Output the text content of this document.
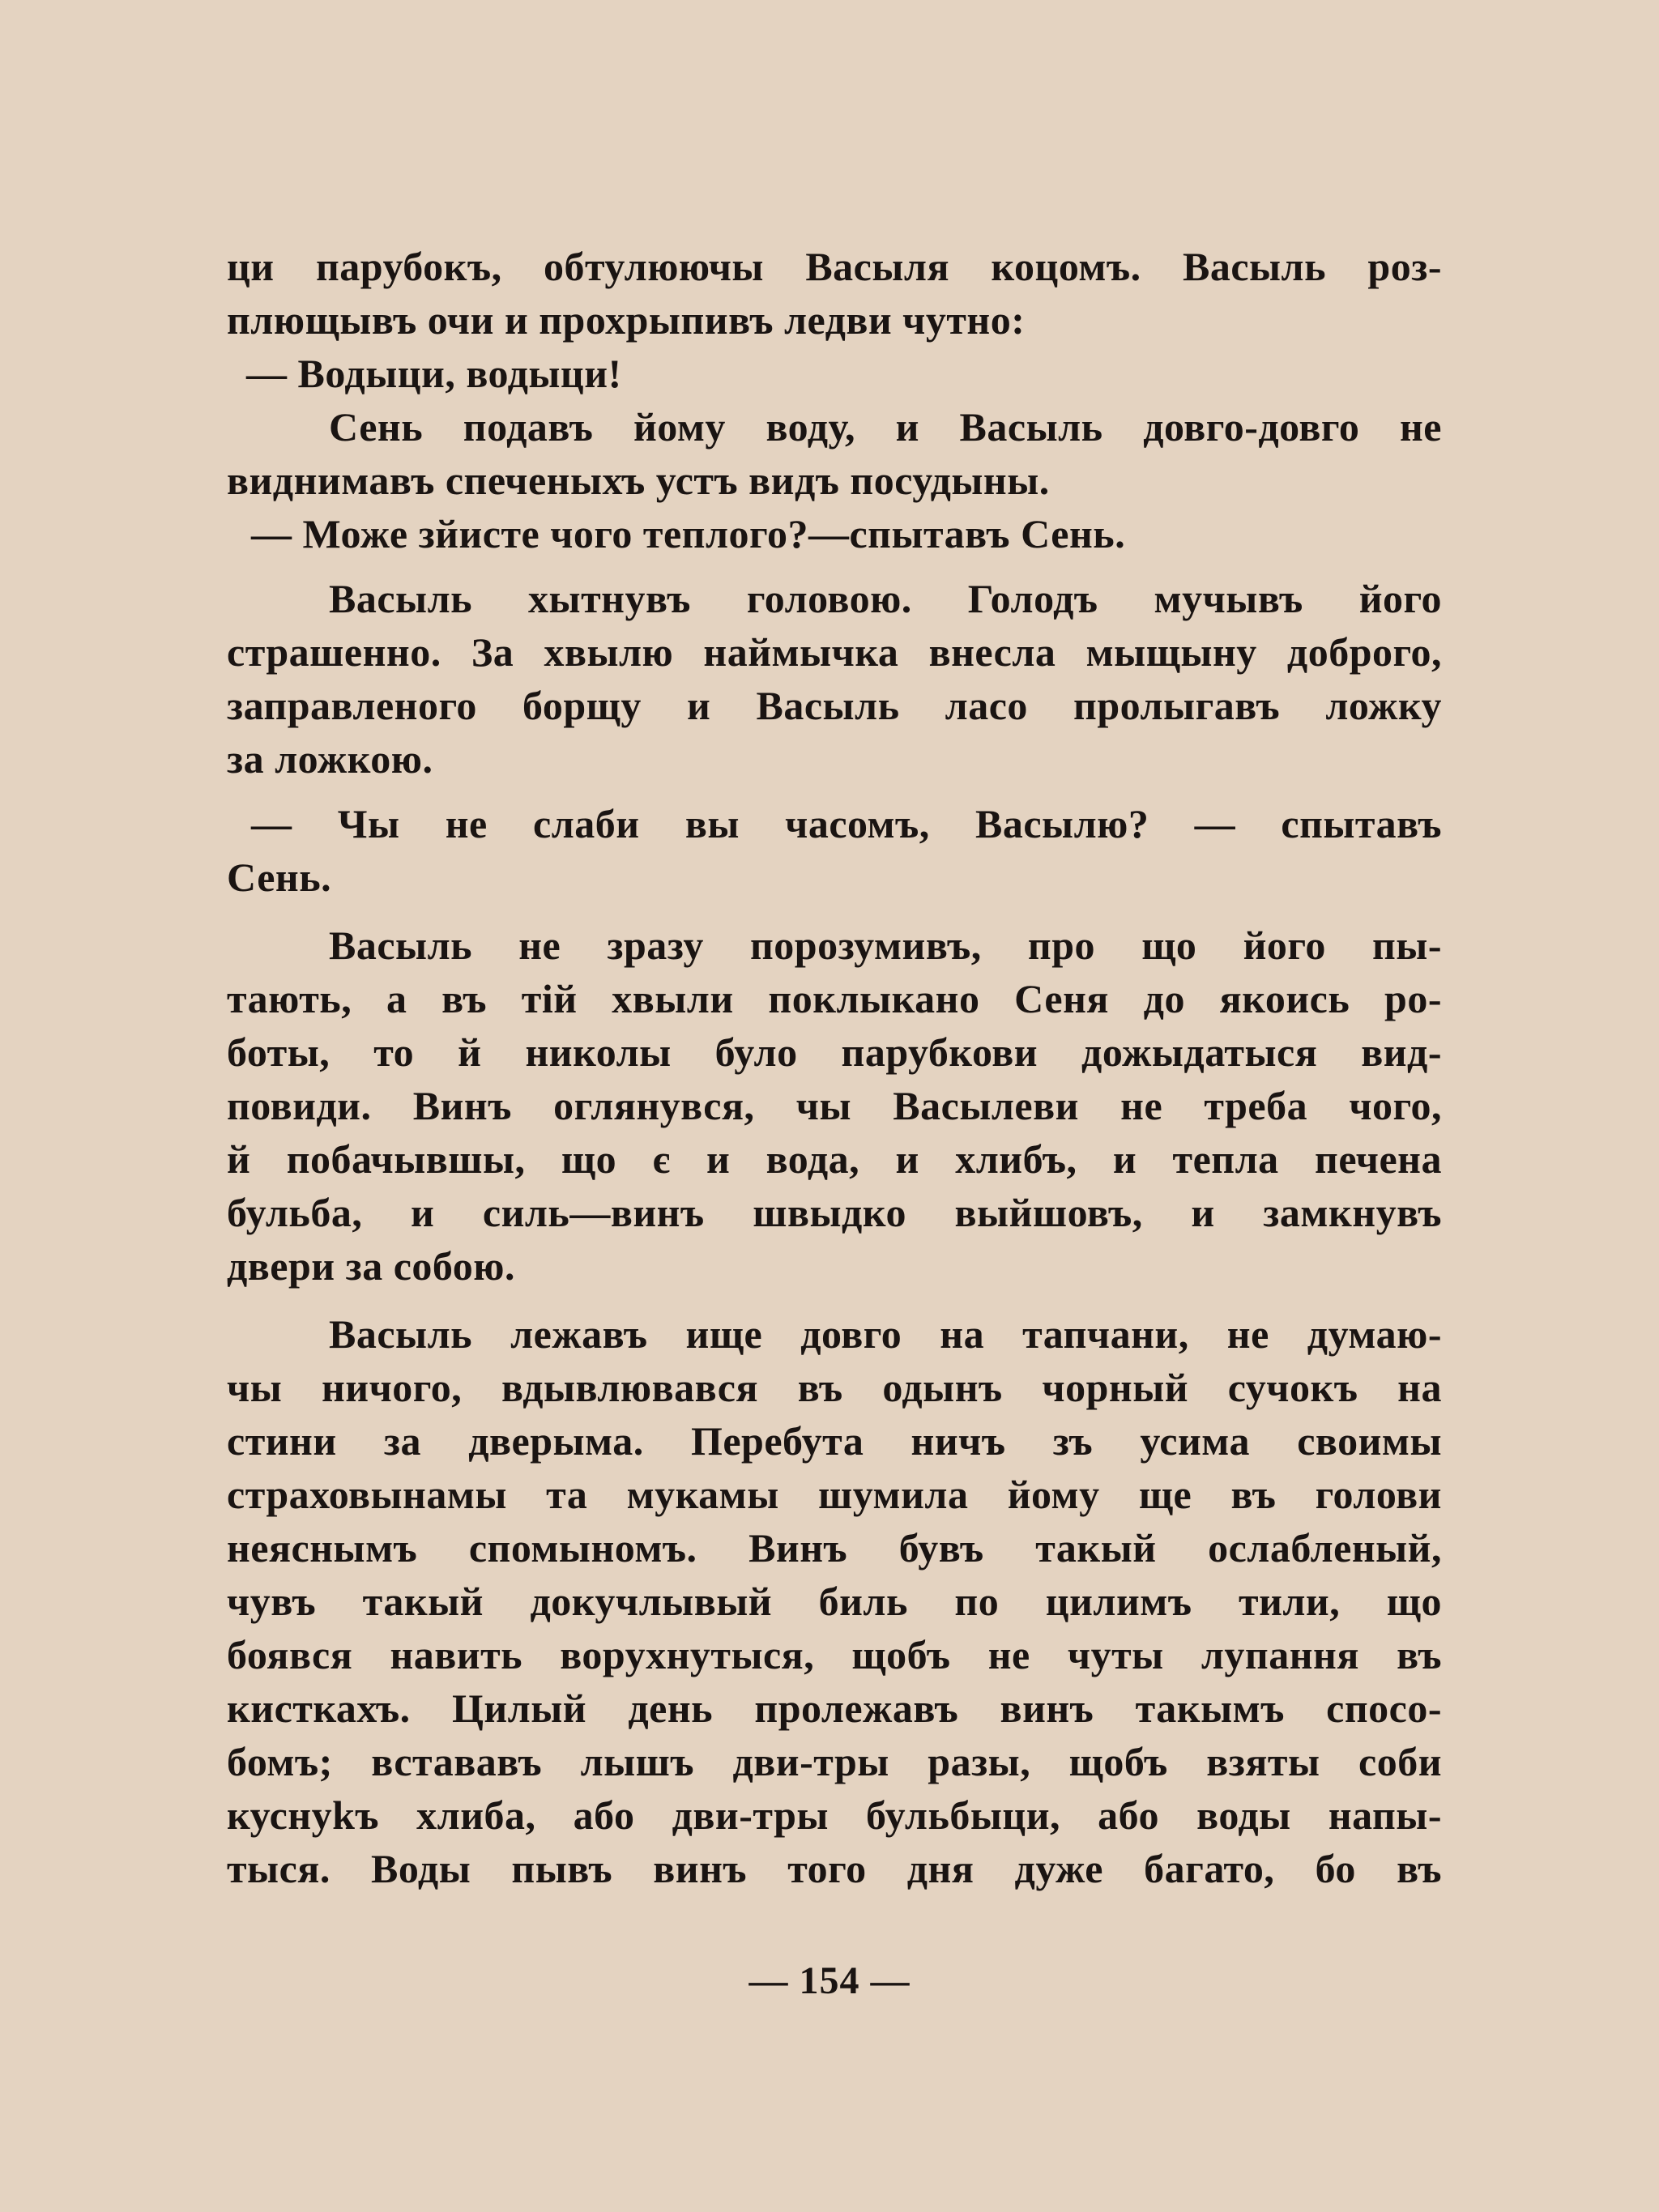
ци парубокъ, обтулюючы Васыля коцомъ. Васыль роз-
плющывъ очи и прохрыпивъ ледви чутно:
— Водыци, водыци!
Сень подавъ йому воду, и Васыль довго-довго не
виднимавъ спеченыхъ устъ видъ посудыны.
— Може зйисте чого теплого?—спытавъ Сень.
Васыль хытнувъ головою. Голодъ мучывъ його
страшенно. За хвылю наймычка внесла мыщыну доброго,
заправленого борщу и Васыль ласо пролыгавъ ложку
за ложкою.
— Чы не слаби вы часомъ, Васылю? — спытавъ
Сень.
Васыль не зразу порозумивъ, про що його пы-
тають, а въ тій хвыли поклыкано Сеня до якоись ро-
боты, то й николы було парубкови дожыдатыся вид-
повиди. Винъ оглянувся, чы Васылеви не треба чого,
й побачывшы, що є и вода, и хлибъ, и тепла печена
бульба, и силь—винъ швыдко выйшовъ, и замкнувъ
двери за собою.
Васыль лежавъ ище довго на тапчани, не думаю-
чы ничого, вдывлювався въ одынъ чорный сучокъ на
стини за дверыма. Перебута ничъ зъ усима своимы
страховынамы та мукамы шумила йому ще въ голови
неяснымъ спомыномъ. Винъ бувъ такый ослабленый,
чувъ такый докучлывый биль по цилимъ тили, що
боявся навить ворухнутыся, щобъ не чуты лупання въ
кисткахъ. Цилый день пролежавъ винъ такымъ спосо-
бомъ; встававъ лышъ дви-тры разы, щобъ взяты соби
куснykъ хлиба, або дви-тры бульбыци, або воды напы-
тыся. Воды пывъ винъ того дня дуже багато, бо въ
— 154 —
